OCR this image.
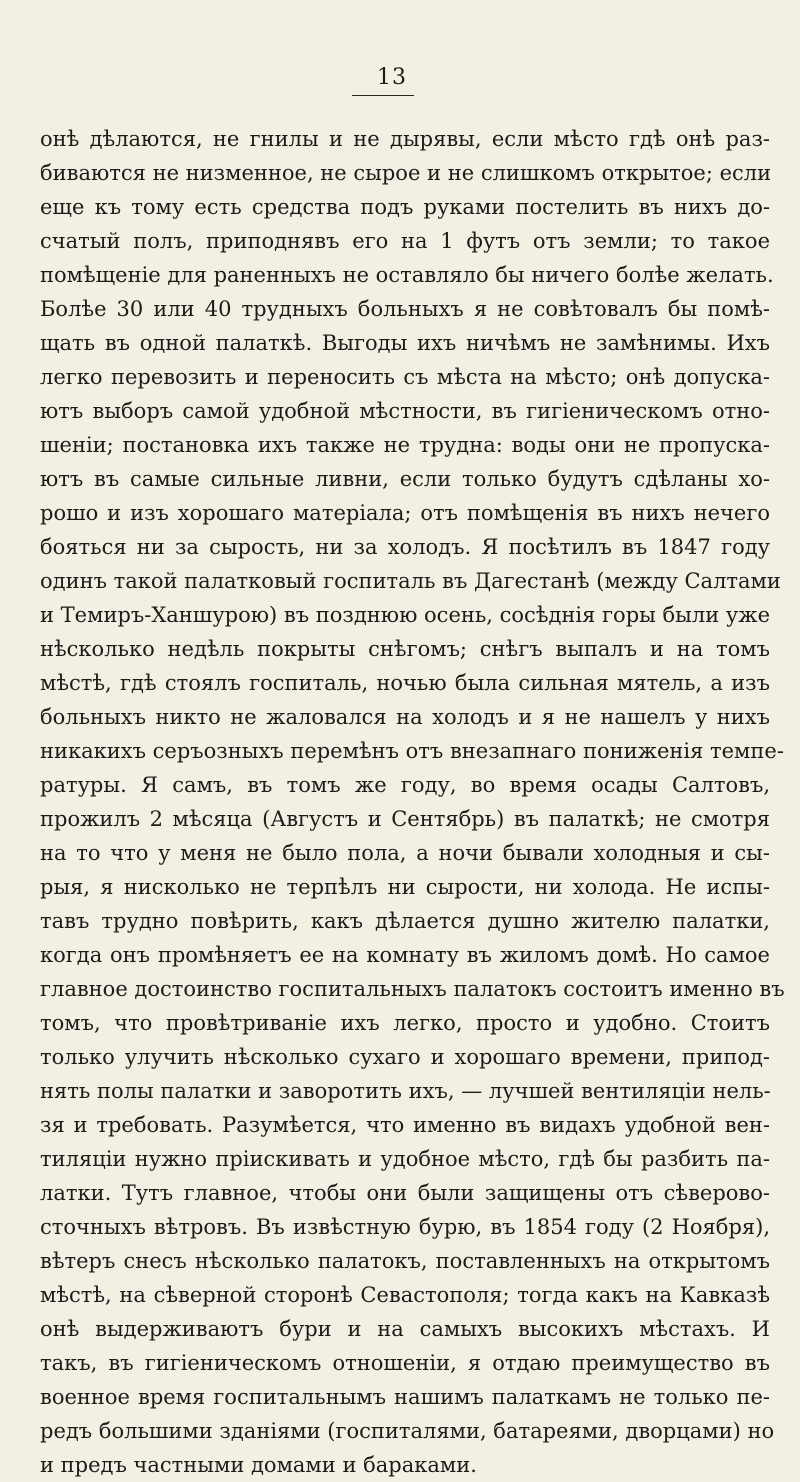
13
онѣ дѣлаются, не гнилы и не дырявы, если мѣсто гдѣ онѣ раз-
биваются не низменное, не сырое и не слишкомъ открытое; если
еще къ тому есть средства подъ руками постелить въ нихъ до-
счатый полъ, приподнявъ его на 1 футъ отъ земли; то такое
помѣщеніе для раненныхъ не оставляло бы ничего болѣе желать.
Болѣе 30 или 40 трудныхъ больныхъ я не совѣтовалъ бы помѣ-
щать въ одной палаткѣ. Выгоды ихъ ничѣмъ не замѣнимы. Ихъ
легко перевозить и переносить съ мѣста на мѣсто; онѣ допуска-
ютъ выборъ самой удобной мѣстности, въ гигіеническомъ отно-
шеніи; постановка ихъ также не трудна: воды они не пропуска-
ютъ въ самые сильные ливни, если только будутъ сдѣланы хо-
рошо и изъ хорошаго матеріала; отъ помѣщенія въ нихъ нечего
бояться ни за сырость, ни за холодъ. Я посѣтилъ въ 1847 году
одинъ такой палатковый госпиталь въ Дагестанѣ (между Салтами
и Темиръ-Ханшурою) въ позднюю осень, сосѣднія горы были уже
нѣсколько недѣль покрыты снѣгомъ; снѣгъ выпалъ и на томъ
мѣстѣ, гдѣ стоялъ госпиталь, ночью была сильная мятель, а изъ
больныхъ никто не жаловался на холодъ и я не нашелъ у нихъ
никакихъ серъозныхъ перемѣнъ отъ внезапнаго пониженія темпе-
ратуры. Я самъ, въ томъ же году, во время осады Салтовъ,
прожилъ 2 мѣсяца (Августъ и Сентябрь) въ палаткѣ; не смотря
на то что у меня не было пола, а ночи бывали холодныя и сы-
рыя, я нисколько не терпѣлъ ни сырости, ни холода. Не испы-
тавъ трудно повѣрить, какъ дѣлается душно жителю палатки,
когда онъ промѣняетъ ее на комнату въ жиломъ домѣ. Но самое
главное достоинство госпитальныхъ палатокъ состоитъ именно въ
томъ, что провѣтриваніе ихъ легко, просто и удобно. Стоитъ
только улучить нѣсколько сухаго и хорошаго времени, припод-
нять полы палатки и заворотить ихъ, — лучшей вентиляціи нель-
зя и требовать. Разумѣется, что именно въ видахъ удобной вен-
тиляціи нужно пріискивать и удобное мѣсто, гдѣ бы разбить па-
латки. Тутъ главное, чтобы они были защищены отъ сѣверово-
сточныхъ вѣтровъ. Въ извѣстную бурю, въ 1854 году (2 Ноября),
вѣтеръ снесъ нѣсколько палатокъ, поставленныхъ на открытомъ
мѣстѣ, на сѣверной сторонѣ Севастополя; тогда какъ на Кавказѣ
онѣ выдерживаютъ бури и на самыхъ высокихъ мѣстахъ. И
такъ, въ гигіеническомъ отношеніи, я отдаю преимущество въ
военное время госпитальнымъ нашимъ палаткамъ не только пе-
редъ большими зданіями (госпиталями, батареями, дворцами) но
и предъ частными домами и бараками.
